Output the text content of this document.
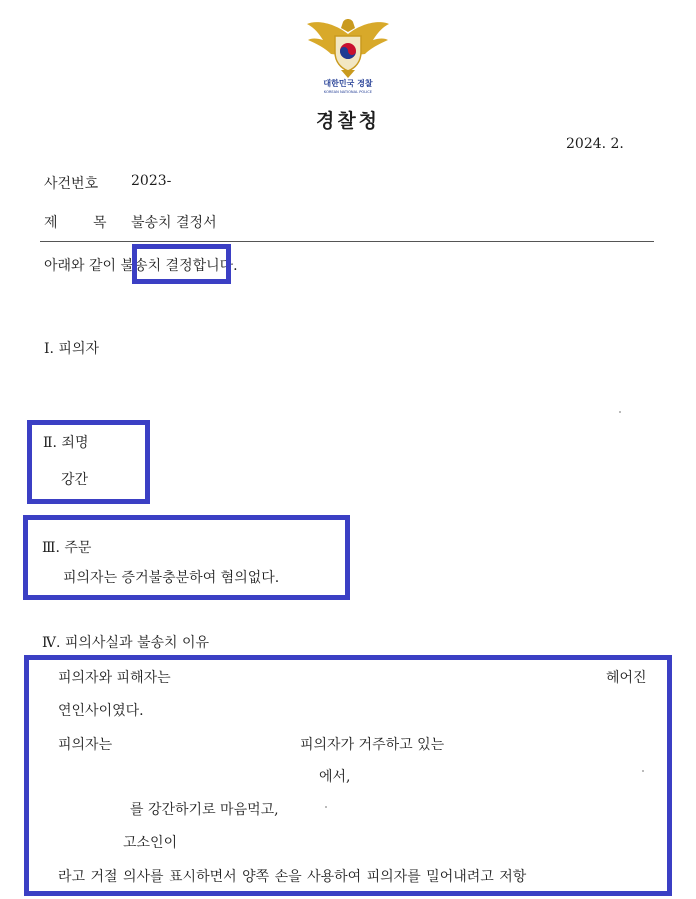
대한민국 경찰
KOREAN NATIONAL POLICE
경찰청
2024. 2.
사건번호 2023-
제	목 불송치 결정서
아래와 같이 불송치 결정합니다.
Ⅰ. 피의자
Ⅱ. 죄명
강간
Ⅲ. 주문
피의자는 증거불충분하여 혐의없다.
Ⅳ. 피의사실과 불송치 이유
피의자와 피해자는	헤어진
연인사이였다.
피의자는	피의자가 거주하고 있는
에서,
를 강간하기로 마음먹고,
고소인이
라고 거절 의사를 표시하면서 양쪽 손을 사용하여 피의자를 밀어내려고 저항
